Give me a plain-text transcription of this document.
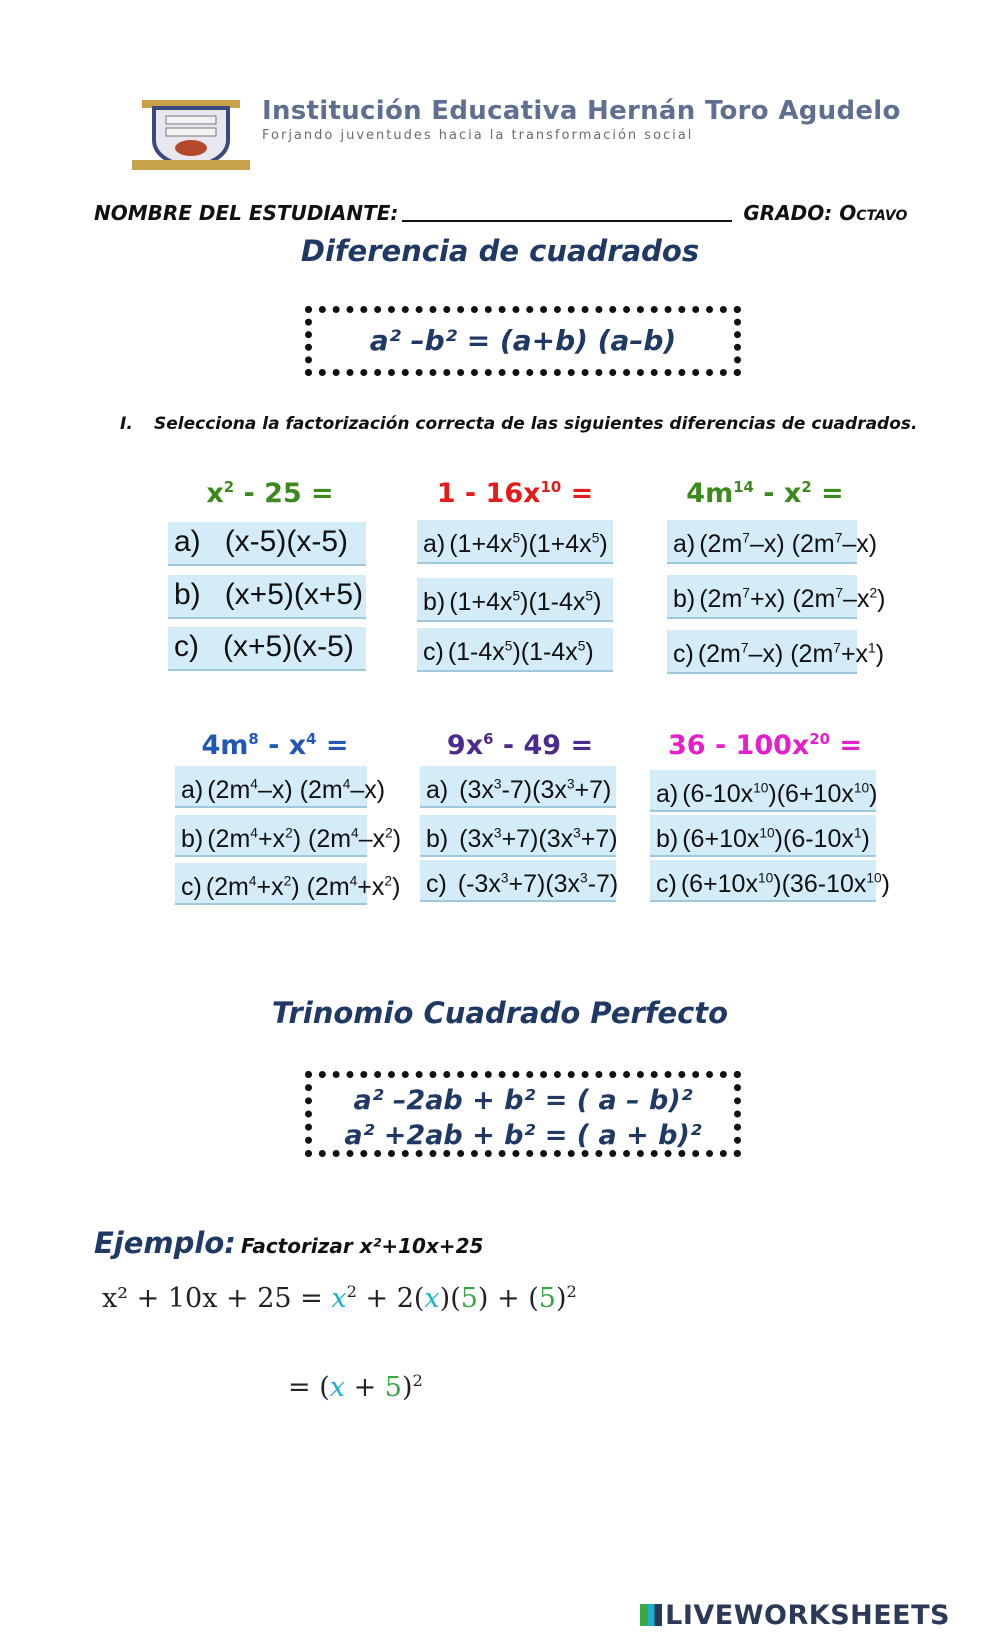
Institución Educativa Hernán Toro Agudelo
Forjando juventudes hacia la transformación social
NOMBRE DEL ESTUDIANTE:	GRADO: Octavo
Diferencia de cuadrados
a² –b² = (a+b) (a–b)
I. Selecciona la factorización correcta de las siguientes diferencias de cuadrados.
$x^2 - 25$ =
a) (x-5)(x-5)
b) (x+5)(x+5)
c) (x+5)(x-5)
$1 - 16x^{10}$ =
a) $(1+4x^5)(1+4x^5)$
b) $(1+4x^5)(1-4x^5)$
c) $(1-4x^5)(1-4x^5)$
$4m^{14} - x^2$ =
a) $(2m^7-x)$ $(2m^7-x)$
b) $(2m^7+x)$ $(2m^7-x^2)$
c) $(2m^7-x)$ $(2m^7+x^1)$
$4m^8 - x^4$ =
a) $(2m^4-x)$ $(2m^4-x)$
b) $(2m^4+x^2)$ $(2m^4-x^2)$
c) $(2m^4+x^2)$ $(2m^4+x^2)$
$9x^6 - 49$ =
a) $(3x^3-7)(3x^3+7)$
b) $(3x^3+7)(3x^3+7)$
c) $(-3x^3+7)(3x^3-7)$
$36 - 100x^{20}$ =
a) $(6-10x^{10})(6+10x^{10})$
b) $(6+10x^{10})(6-10x^1)$
c) $(6+10x^{10})(36-10x^{10})$
Trinomio Cuadrado Perfecto
a² –2ab + b² = ( a – b)²
a² +2ab + b² = ( a + b)²
Ejemplo: Factorizar x²+10x+25
$x^2 + 10x + 25 = x^2 + 2(x)(5) + (5)^2$
= $(x + 5)^2$
LIVEWORKSHEETS
